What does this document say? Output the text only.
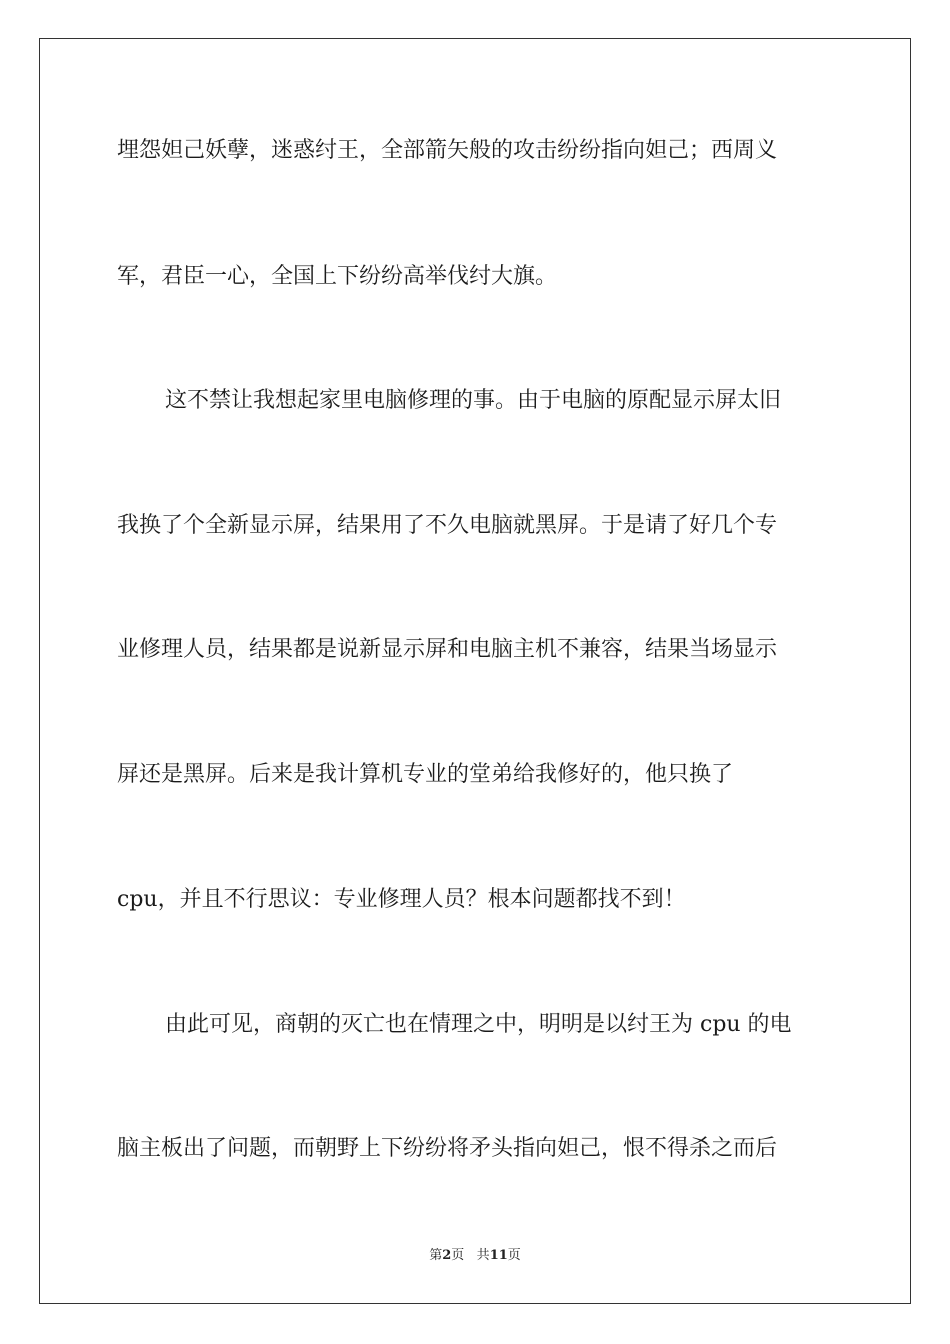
埋怨妲己妖孽，迷惑纣王，全部箭矢般的攻击纷纷指向妲己；西周义
军，君臣一心，全国上下纷纷高举伐纣大旗。
这不禁让我想起家里电脑修理的事。由于电脑的原配显示屏太旧
我换了个全新显示屏，结果用了不久电脑就黑屏。于是请了好几个专
业修理人员，结果都是说新显示屏和电脑主机不兼容，结果当场显示
屏还是黑屏。后来是我计算机专业的堂弟给我修好的，他只换了
cpu，并且不行思议：专业修理人员？根本问题都找不到！
由此可见，商朝的灭亡也在情理之中，明明是以纣王为 cpu 的电
脑主板出了问题，而朝野上下纷纷将矛头指向妲己，恨不得杀之而后
第2页 共11页
